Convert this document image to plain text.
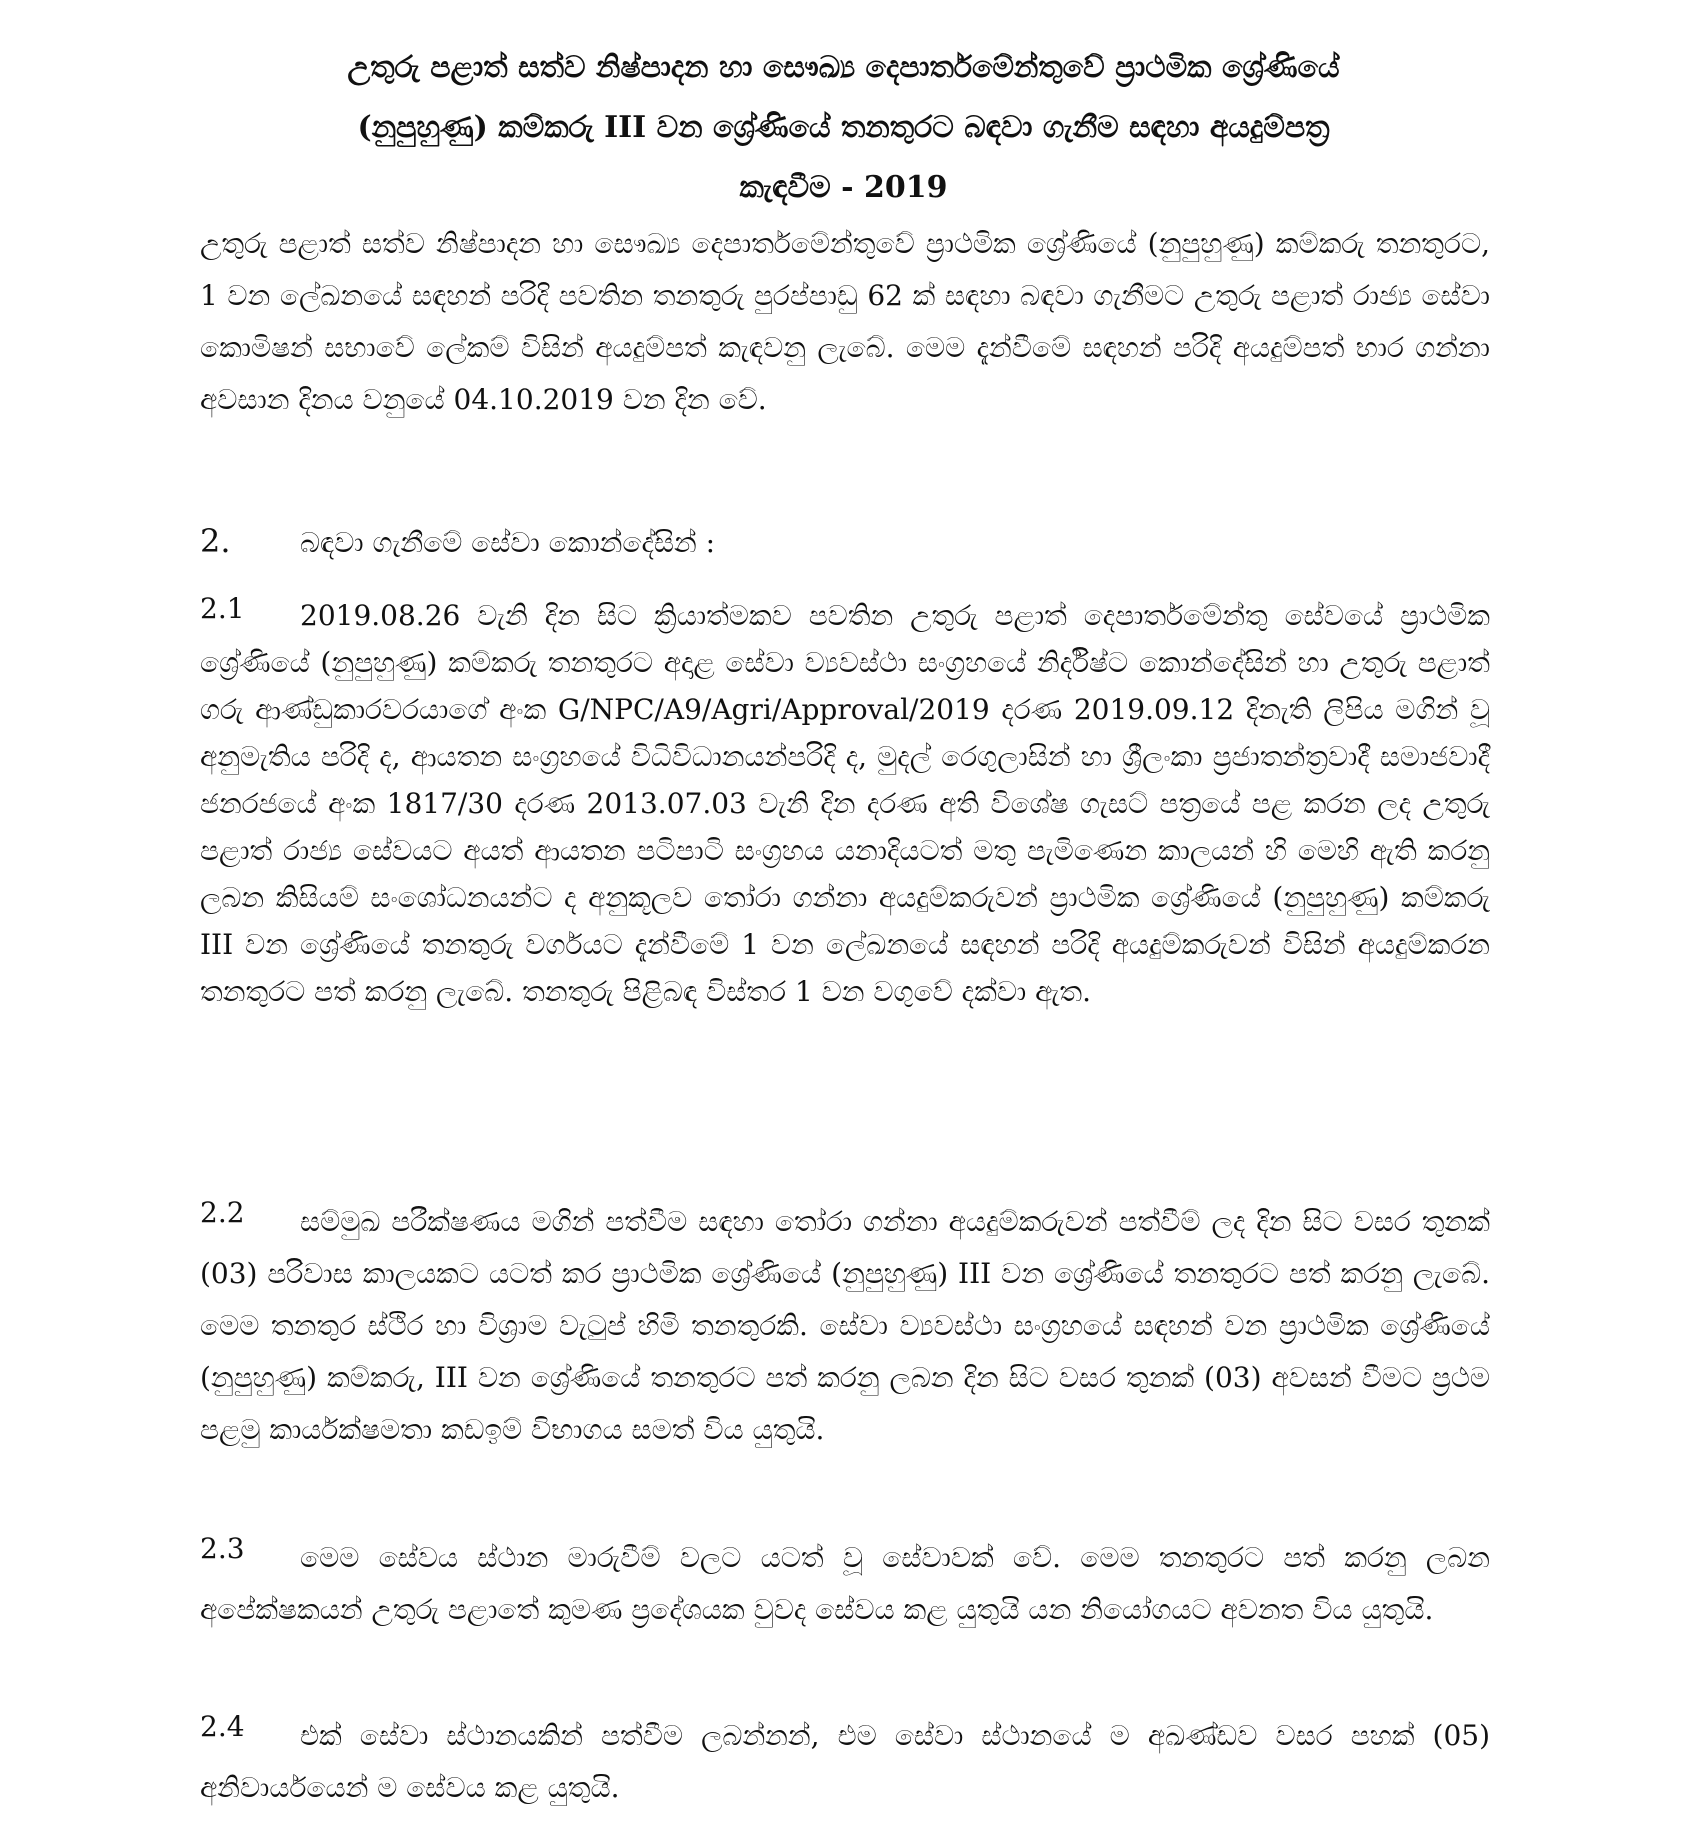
උතුරු පළාත් සත්ව නිෂ්පාදන හා සෞඛ්‍ය දෙපාර්තමේන්තුවේ ප්‍රාථමික ශ්‍රේණියේ
(නුපුහුණු) කම්කරු III වන ශ්‍රේණියේ තනතුරට බඳවා ගැනීම සඳහා අයදුම්පත්‍ර
කැඳවීම - 2019
උතුරු පළාත් සත්ව නිෂ්පාදන හා සෞඛ්‍ය දෙපාර්තමේන්තුවේ ප්‍රාථමික ශ්‍රේණියේ (නුපුහුණු) කම්කරු තනතුරට, 1 වන ලේඛනයේ සඳහන් පරිදි පවතින තනතුරු පුරප්පාඩු 62 ක් සඳහා බඳවා ගැනීමට උතුරු පළාත් රාජ්‍ය සේවා කොමිෂන් සභාවේ ලේකම් විසින් අයදුම්පත් කැඳවනු ලැබේ. මෙම දැන්වීමේ සඳහන් පරිදි අයදුම්පත් භාර ගන්නා අවසාන දිනය වනුයේ 04.10.2019 වන දින වේ.
2.	බඳවා ගැනීමේ සේවා කොන්දේසින් :
2.1	2019.08.26 වැනි දින සිට ක්‍රියාත්මකව පවතින උතුරු පළාත් දෙපාර්තමේන්තු සේවයේ ප්‍රාථමික ශ්‍රේණියේ (නුපුහුණු) කම්කරු තනතුරට අදාළ සේවා ව්‍යවස්ථා සංග්‍රහයේ නිර්දිෂ්ට කොන්දේසින් හා උතුරු පළාත් ගරු ආණ්ඩුකාරවරයාගේ අංක G/NPC/A9/Agri/Approval/2019 දරණ 2019.09.12 දිනැති ලිපිය මගින් වූ අනුමැතිය පරිදි ද, ආයතන සංග්‍රහයේ විධිවිධානයන්පරිදි ද, මුදල් රෙගුලාසින් හා ශ්‍රීලංකා ප්‍රජාතන්ත්‍රවාදී සමාජවාදී ජනරජයේ අංක 1817/30 දරණ 2013.07.03 වැනි දින දරණ අති විශේෂ ගැසට් පත්‍රයේ පළ කරන ලද උතුරු පළාත් රාජ්‍ය සේවයට අයත් ආයතන පටිපාටි සංග්‍රහය යනාදියටත් මතු පැමිණෙන කාලයන් හි මෙහි ඇති කරනු ලබන කිසියම් සංශෝධනයන්ට ද අනුකූලව තෝරා ගන්නා අයදුම්කරුවන් ප්‍රාථමික ශ්‍රේණියේ (නුපුහුණු) කම්කරු III වන ශ්‍රේණියේ තනතුරු වර්ගයට දැන්වීමේ 1 වන ලේඛනයේ සඳහන් පරිදි අයදුම්කරුවන් විසින් අයදුම්කරන තනතුරට පත් කරනු ලැබේ. තනතුරු පිළිබඳ විස්තර 1 වන වගුවේ දක්වා ඇත.
2.2	සම්මුඛ පරීක්ෂණය මගින් පත්වීම සඳහා තෝරා ගන්නා අයදුම්කරුවන් පත්වීම් ලද දින සිට වසර තුනක් (03) පරිවාස කාලයකට යටත් කර ප්‍රාථමික ශ්‍රේණියේ (නුපුහුණු) III වන ශ්‍රේණියේ තනතුරට පත් කරනු ලැබේ. මෙම තනතුර ස්ථිර හා විශ්‍රාම වැටුප් හිමි තනතුරකි. සේවා ව්‍යවස්ථා සංග්‍රහයේ සඳහන් වන ප්‍රාථමික ශ්‍රේණියේ (නුපුහුණු) කම්කරු, III වන ශ්‍රේණියේ තනතුරට පත් කරනු ලබන දින සිට වසර තුනක් (03) අවසන් වීමට ප්‍රථම පළමු කාර්යක්ෂමතා කඩඉම් විභාගය සමත් විය යුතුයි.
2.3	මෙම සේවය ස්ථාන මාරුවීම් වලට යටත් වූ සේවාවක් වේ. මෙම තනතුරට පත් කරනු ලබන අපේක්ෂකයන් උතුරු පළාතේ කුමණ ප්‍රදේශයක වුවද සේවය කළ යුතුයි යන නියෝගයට අවනත විය යුතුයි.
2.4	එක් සේවා ස්ථානයකින් පත්වීම ලබන්නන්, එම සේවා ස්ථානයේ ම අඛණ්ඩව වසර පහක් (05) අනිවාර්යයෙන් ම සේවය කළ යුතුයි.
